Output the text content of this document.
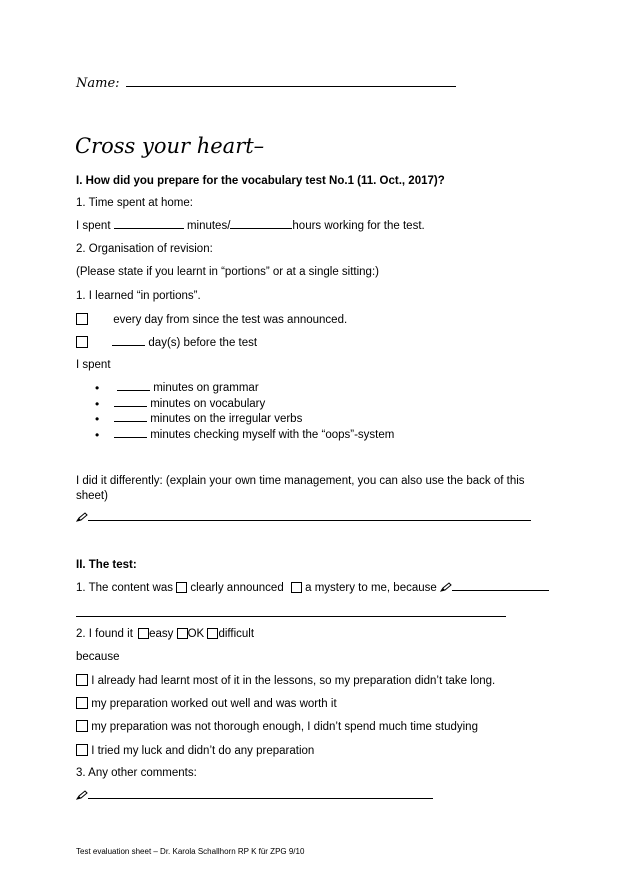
Name:
Cross your heart–
I. How did you prepare for the vocabulary test No.1 (11. Oct., 2017)?
1. Time spent at home:
I spent	minutes/	hours working for the test.
2. Organisation of revision:
(Please state if you learnt in “portions” or at a single sitting:)
1. I learned “in portions”.
every day from since the test was announced.
day(s) before the test
I spent
• minutes on grammar
• minutes on vocabulary
• minutes on the irregular verbs
• minutes checking myself with the “oops”-system
I did it differently: (explain your own time management, you can also use the back of this
sheet)
II. The test:
1. The content was clearly announced a mystery to me, because
2. I found it easy OK difficult
because
I already had learnt most of it in the lessons, so my preparation didn’t take long.
my preparation worked out well and was worth it
my preparation was not thorough enough, I didn’t spend much time studying
I tried my luck and didn’t do any preparation
3. Any other comments:
Test evaluation sheet – Dr. Karola Schallhorn RP K für ZPG 9/10
